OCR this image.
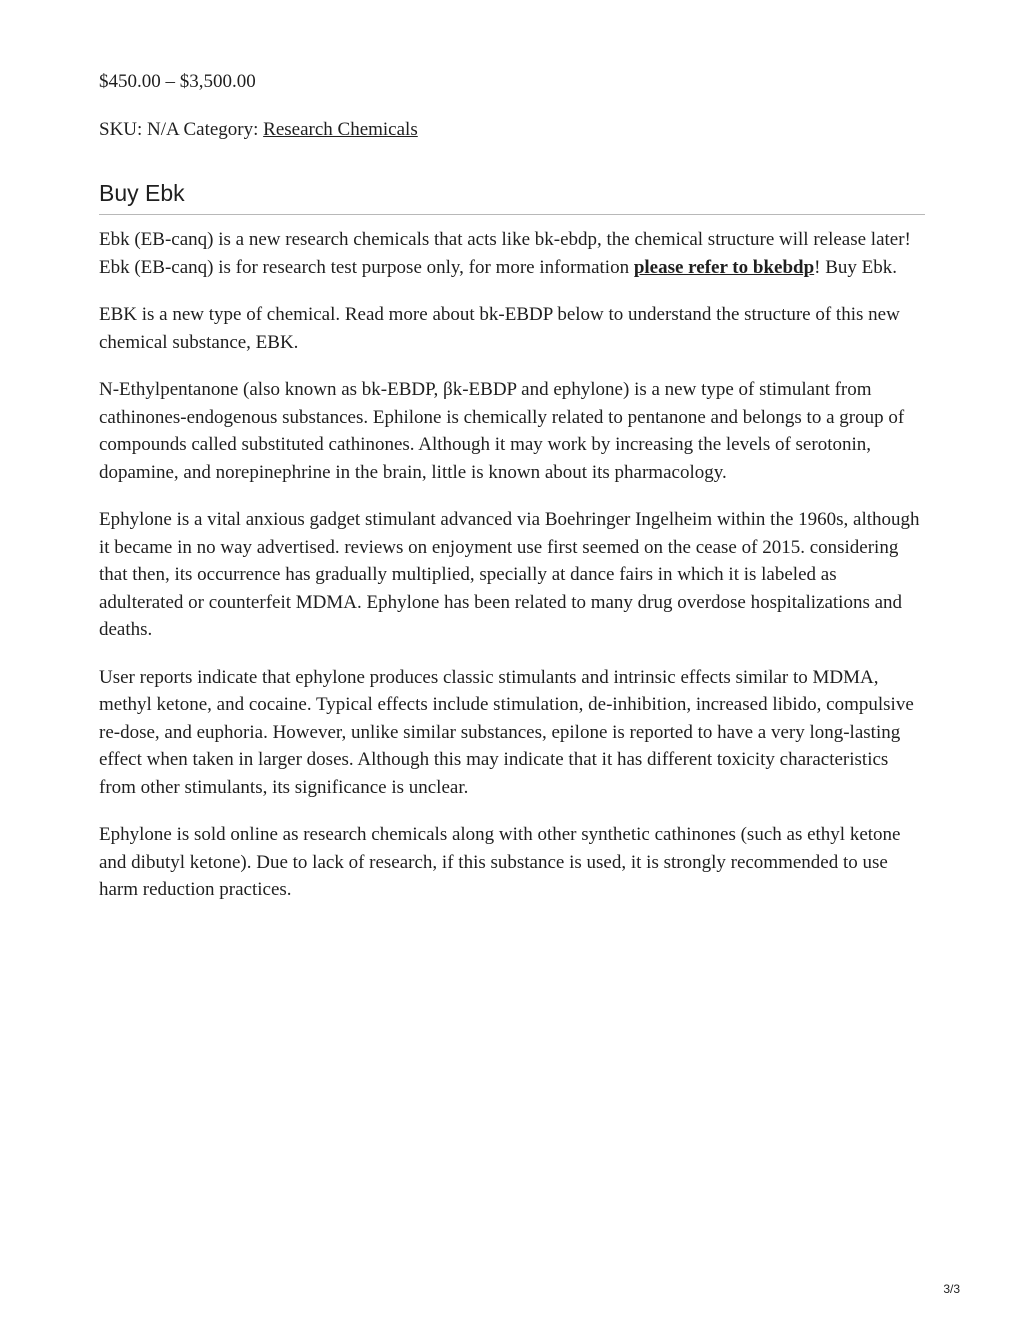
$450.00 – $3,500.00

SKU: N/A Category: Research Chemicals

Buy Ebk

Ebk (EB-canq) is a new research chemicals that acts like bk-ebdp, the chemical structure will release later! Ebk (EB-canq) is for research test purpose only, for more information please refer to bkebdp! Buy Ebk.

EBK is a new type of chemical. Read more about bk-EBDP below to understand the structure of this new chemical substance, EBK.

N-Ethylpentanone (also known as bk-EBDP, βk-EBDP and ephylone) is a new type of stimulant from cathinones-endogenous substances. Ephilone is chemically related to pentanone and belongs to a group of compounds called substituted cathinones. Although it may work by increasing the levels of serotonin, dopamine, and norepinephrine in the brain, little is known about its pharmacology.

Ephylone is a vital anxious gadget stimulant advanced via Boehringer Ingelheim within the 1960s, although it became in no way advertised. reviews on enjoyment use first seemed on the cease of 2015. considering that then, its occurrence has gradually multiplied, specially at dance fairs in which it is labeled as adulterated or counterfeit MDMA. Ephylone has been related to many drug overdose hospitalizations and deaths.

User reports indicate that ephylone produces classic stimulants and intrinsic effects similar to MDMA, methyl ketone, and cocaine. Typical effects include stimulation, de-inhibition, increased libido, compulsive re-dose, and euphoria. However, unlike similar substances, epilone is reported to have a very long-lasting effect when taken in larger doses. Although this may indicate that it has different toxicity characteristics from other stimulants, its significance is unclear.

Ephylone is sold online as research chemicals along with other synthetic cathinones (such as ethyl ketone and dibutyl ketone). Due to lack of research, if this substance is used, it is strongly recommended to use harm reduction practices.

3/3
